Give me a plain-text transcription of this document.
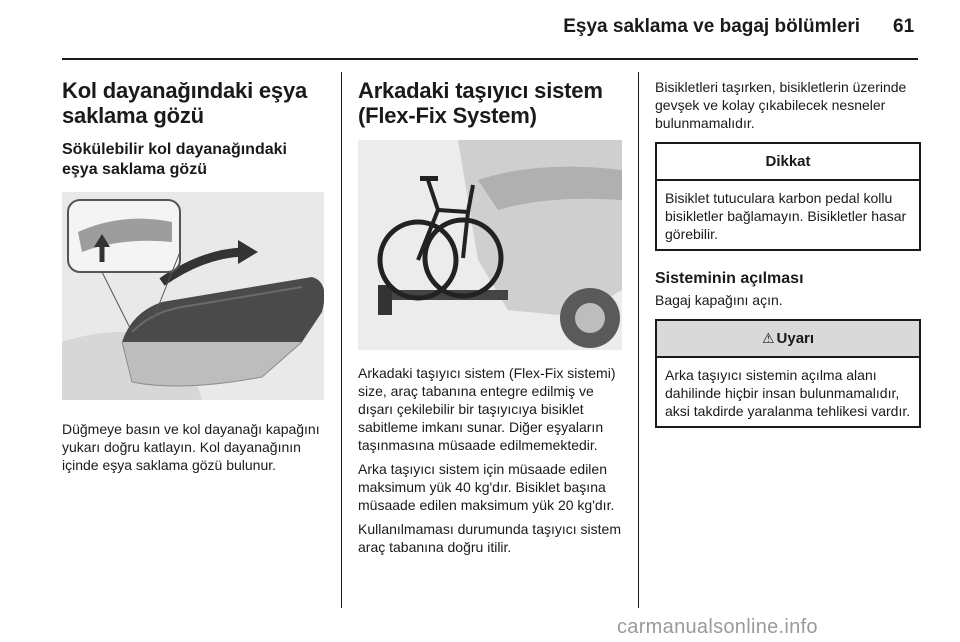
Eşya saklama ve bagaj bölümleri 61
Kol dayanağındaki eşya saklama gözü
Sökülebilir kol dayanağındaki eşya saklama gözü

Düğmeye basın ve kol dayanağı kapağını yukarı doğru katlayın. Kol dayanağının içinde eşya saklama gözü bulunur.

Arkadaki taşıyıcı sistem (Flex-Fix System)

Arkadaki taşıyıcı sistem (Flex-Fix sistemi) size, araç tabanına entegre edilmiş ve dışarı çekilebilir bir taşıyıcıya bisiklet sabitleme imkanı sunar. Diğer eşyaların taşınmasına müsaade edilmemektedir.

Arka taşıyıcı sistem için müsaade edilen maksimum yük 40 kg'dır. Bisiklet başına müsaade edilen maksimum yük 20 kg'dır.

Kullanılmaması durumunda taşıyıcı sistem araç tabanına doğru itilir.

Bisikletleri taşırken, bisikletlerin üzerinde gevşek ve kolay çıkabilecek nesneler bulunmamalıdır.

Dikkat

Bisiklet tutuculara karbon pedal kollu bisikletler bağlamayın. Bisikletler hasar görebilir.

Sisteminin açılması

Bagaj kapağını açın.

⚠ Uyarı

Arka taşıyıcı sistemin açılma alanı dahilinde hiçbir insan bulunmamalıdır, aksi takdirde yaralanma tehlikesi vardır.

carmanualsonline.info
